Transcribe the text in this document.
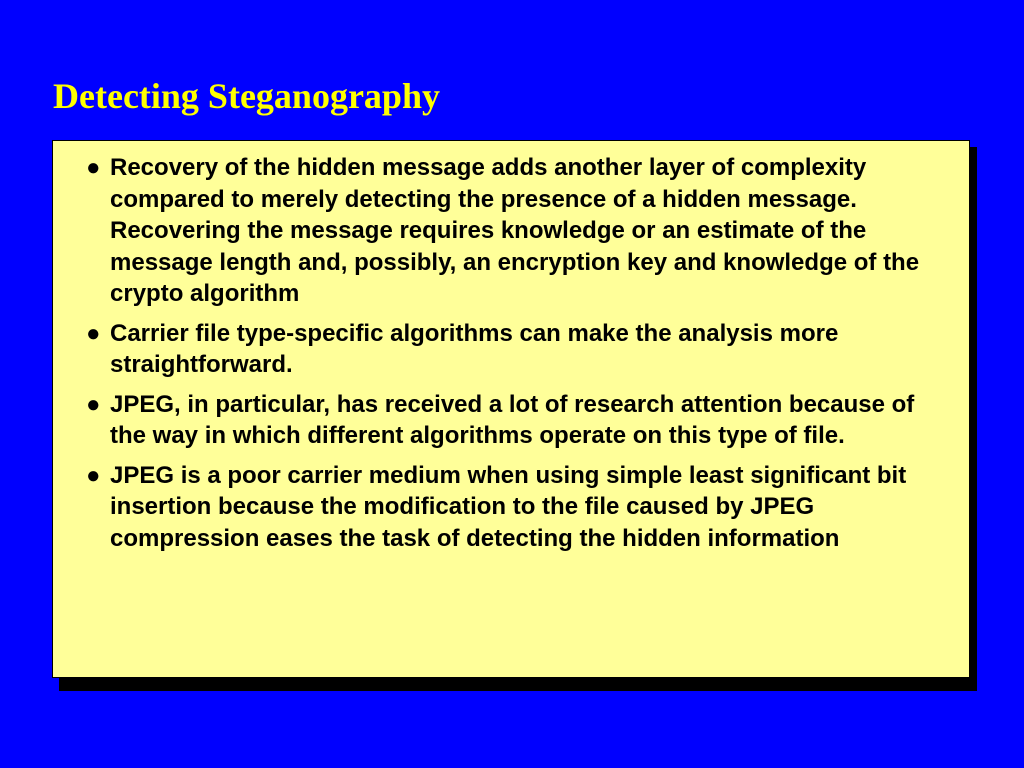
Detecting Steganography
● Recovery of the hidden message adds another layer of complexity compared to merely detecting the presence of a hidden message. Recovering the message requires knowledge or an estimate of the message length and, possibly, an encryption key and knowledge of the crypto algorithm
● Carrier file type-specific algorithms can make the analysis more straightforward.
● JPEG, in particular, has received a lot of research attention because of the way in which different algorithms operate on this type of file.
● JPEG is a poor carrier medium when using simple least significant bit insertion because the modification to the file caused by JPEG compression eases the task of detecting the hidden information
